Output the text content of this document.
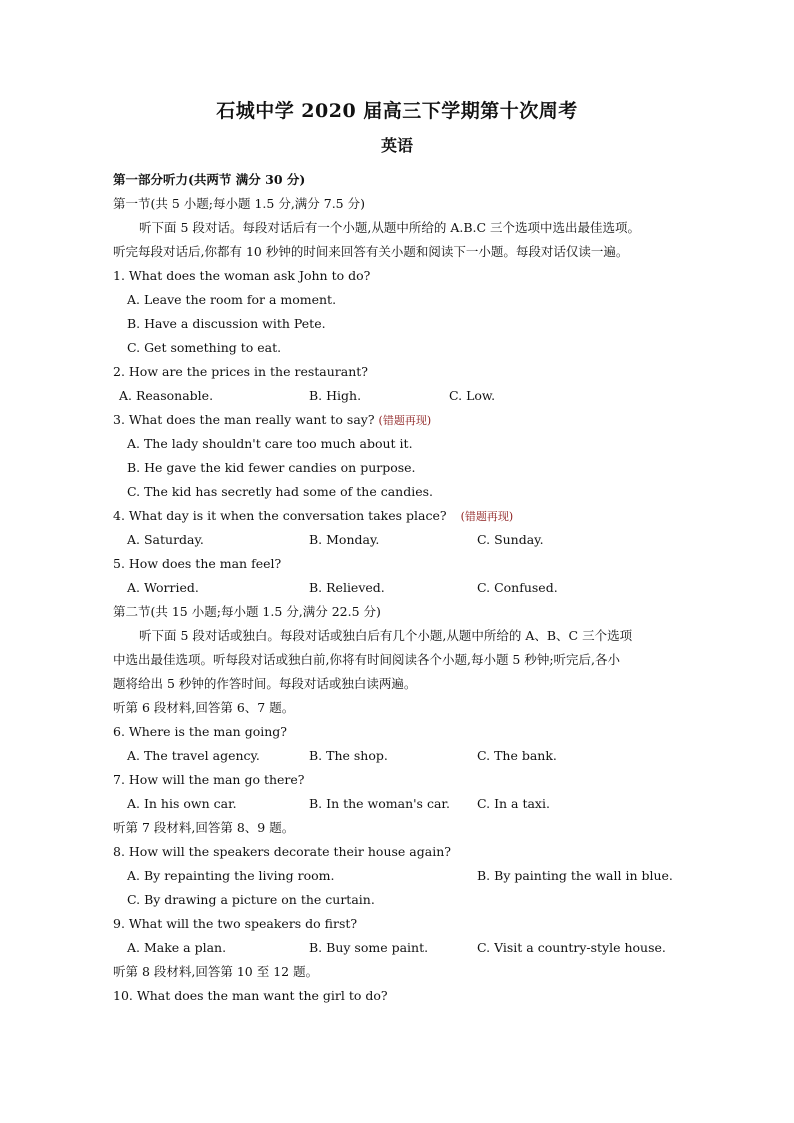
石城中学 2020 届高三下学期第十次周考
英语
第一部分听力(共两节 满分 30 分)
第一节(共 5 小题;每小题 1.5 分,满分 7.5 分)
听下面 5 段对话。每段对话后有一个小题,从题中所给的 A.B.C 三个选项中选出最佳选项。
听完每段对话后,你都有 10 秒钟的时间来回答有关小题和阅读下一小题。每段对话仅读一遍。
1. What does the woman ask John to do?
A. Leave the room for a moment.
B. Have a discussion with Pete.
C. Get something to eat.
2. How are the prices in the restaurant?
A. Reasonable.	B. High.	C. Low.
3. What does the man really want to say? (错题再现)
A. The lady shouldn't care too much about it.
B. He gave the kid fewer candies on purpose.
C. The kid has secretly had some of the candies.
4. What day is it when the conversation takes place? (错题再现)
A. Saturday.	B. Monday.	C. Sunday.
5. How does the man feel?
A. Worried.	B. Relieved.	C. Confused.
第二节(共 15 小题;每小题 1.5 分,满分 22.5 分)
听下面 5 段对话或独白。每段对话或独白后有几个小题,从题中所给的 A、B、C 三个选项
中选出最佳选项。听每段对话或独白前,你将有时间阅读各个小题,每小题 5 秒钟;听完后,各小
题将给出 5 秒钟的作答时间。每段对话或独白读两遍。
听第 6 段材料,回答第 6、7 题。
6. Where is the man going?
A. The travel agency.	B. The shop.	C. The bank.
7. How will the man go there?
A. In his own car.	B. In the woman's car. C. In a taxi.
听第 7 段材料,回答第 8、9 题。
8. How will the speakers decorate their house again?
A. By repainting the living room.	B. By painting the wall in blue.
C. By drawing a picture on the curtain.
9. What will the two speakers do first?
A. Make a plan.	B. Buy some paint.	C. Visit a country-style house.
听第 8 段材料,回答第 10 至 12 题。
10. What does the man want the girl to do?
